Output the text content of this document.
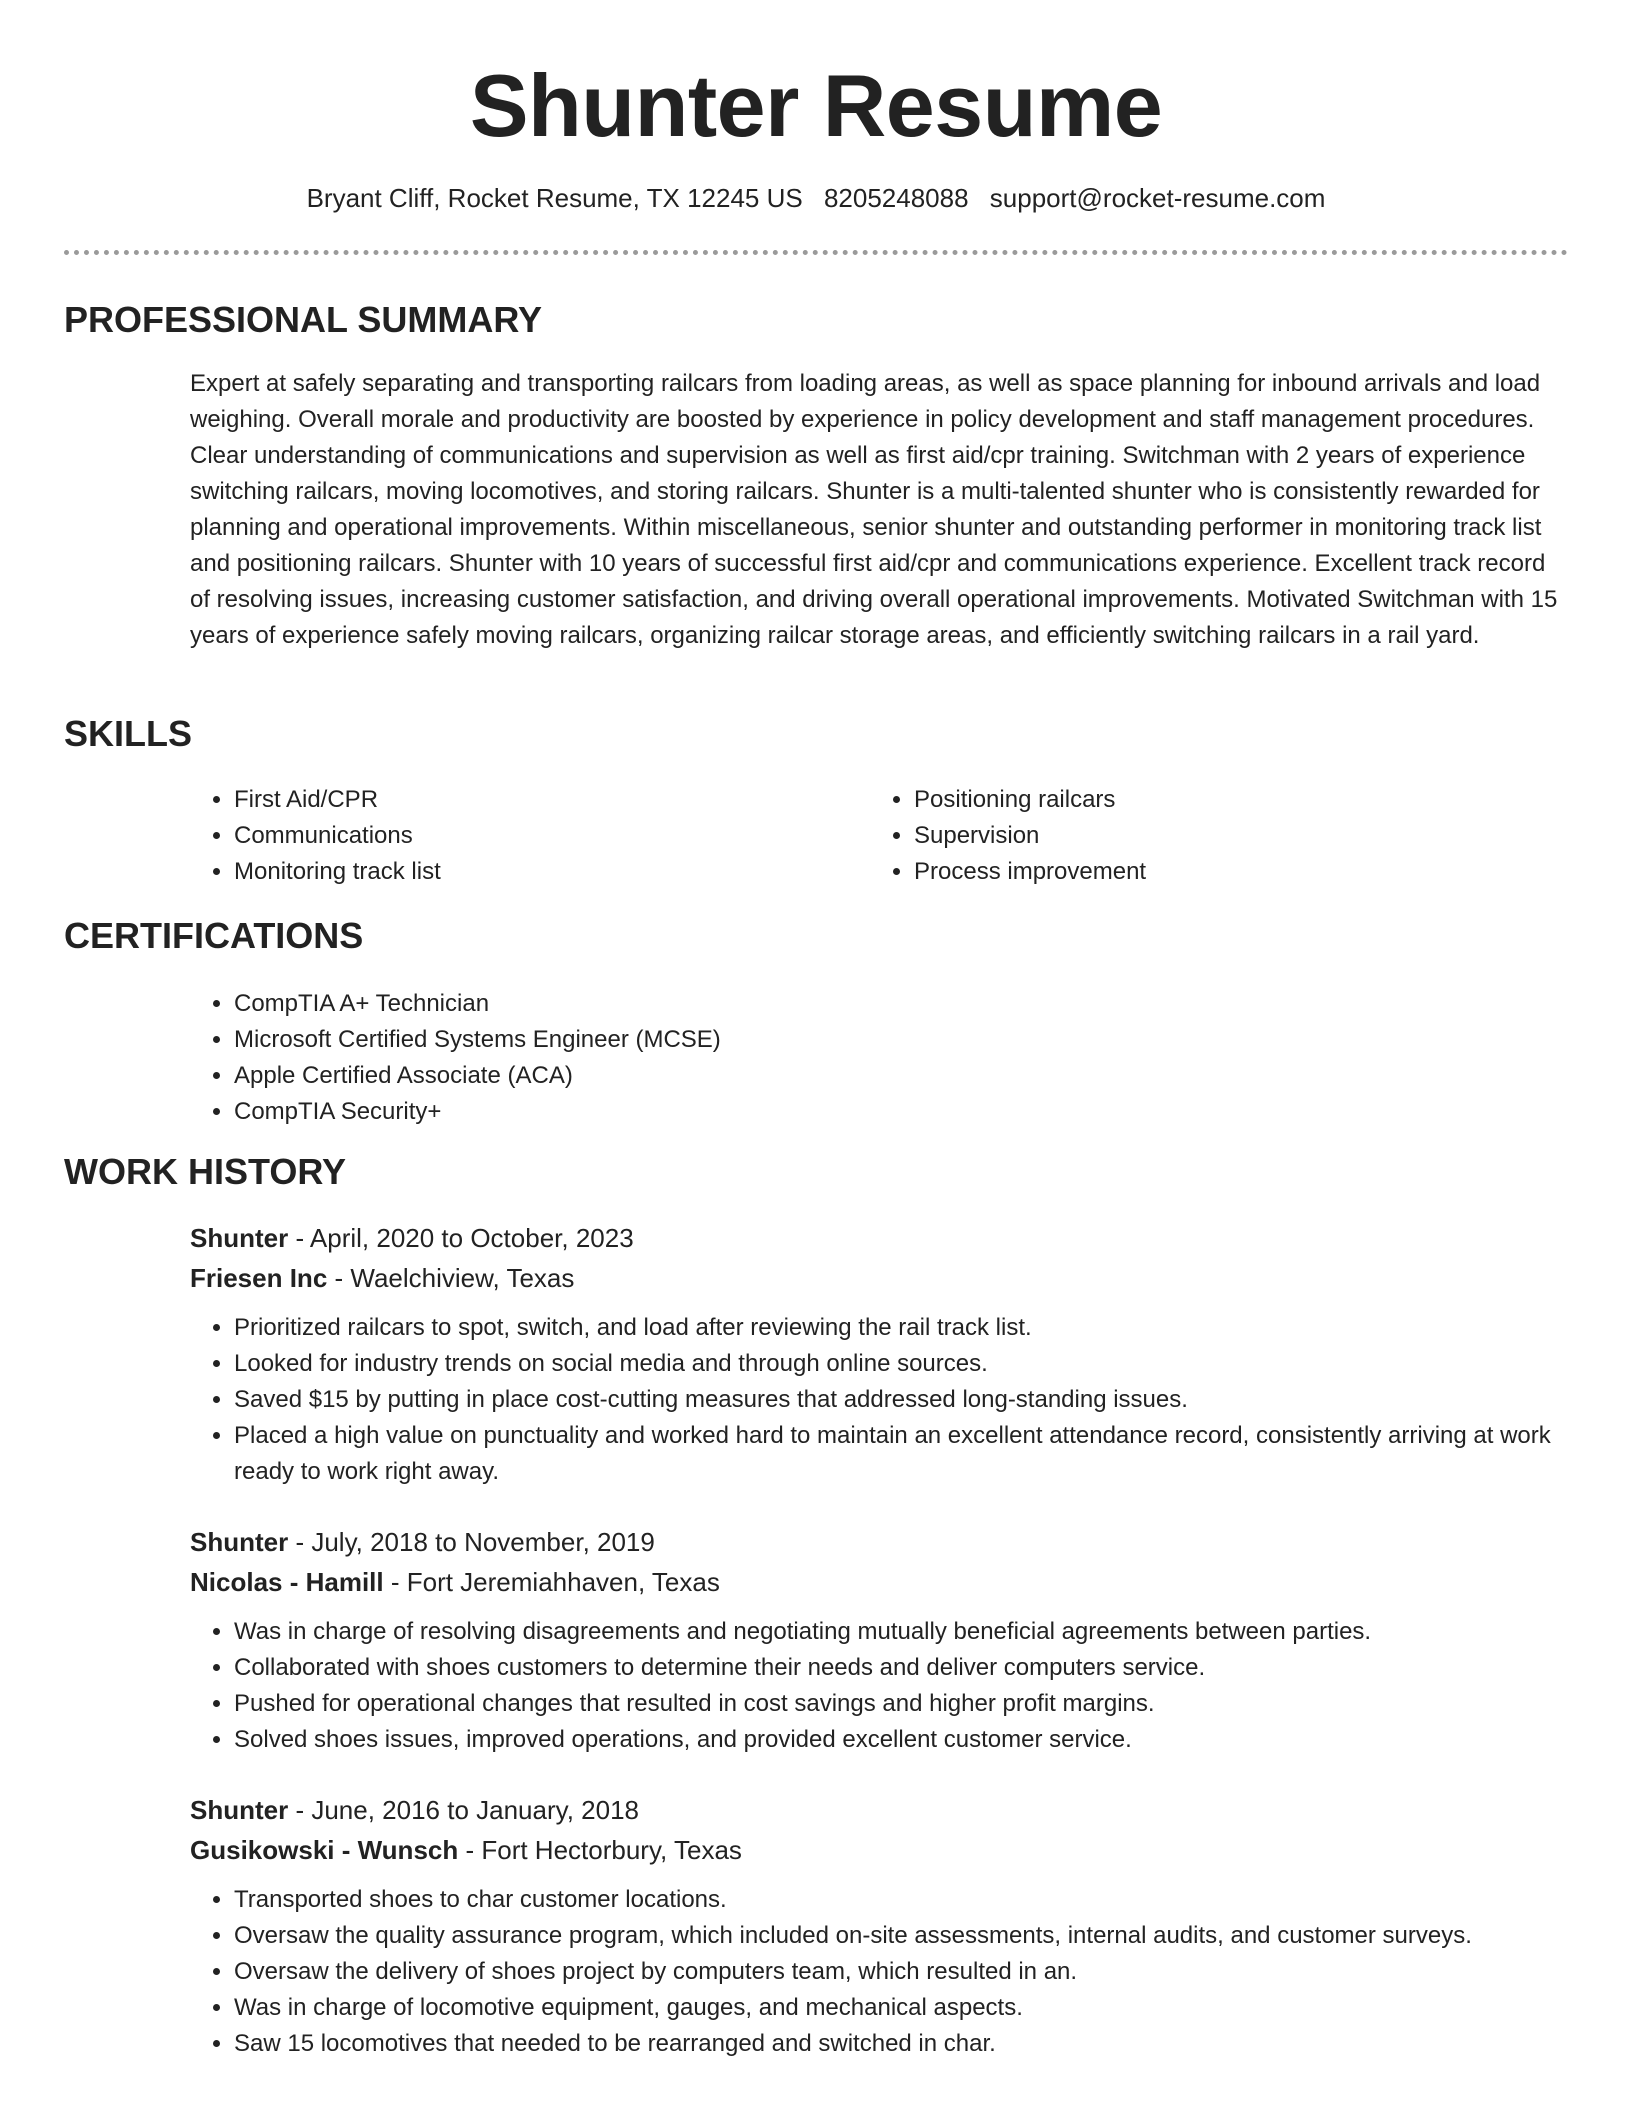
Shunter Resume
Bryant Cliff, Rocket Resume, TX 12245 US 8205248088 support@rocket-resume.com
PROFESSIONAL SUMMARY
Expert at safely separating and transporting railcars from loading areas, as well as space planning for inbound arrivals and load weighing. Overall morale and productivity are boosted by experience in policy development and staff management procedures. Clear understanding of communications and supervision as well as first aid/cpr training. Switchman with 2 years of experience switching railcars, moving locomotives, and storing railcars. Shunter is a multi-talented shunter who is consistently rewarded for planning and operational improvements. Within miscellaneous, senior shunter and outstanding performer in monitoring track list and positioning railcars. Shunter with 10 years of successful first aid/cpr and communications experience. Excellent track record of resolving issues, increasing customer satisfaction, and driving overall operational improvements. Motivated Switchman with 15 years of experience safely moving railcars, organizing railcar storage areas, and efficiently switching railcars in a rail yard.
SKILLS
• First Aid/CPR
• Communications
• Monitoring track list
• Positioning railcars
• Supervision
• Process improvement
CERTIFICATIONS
• CompTIA A+ Technician
• Microsoft Certified Systems Engineer (MCSE)
• Apple Certified Associate (ACA)
• CompTIA Security+
WORK HISTORY
Shunter - April, 2020 to October, 2023
Friesen Inc - Waelchiview, Texas
• Prioritized railcars to spot, switch, and load after reviewing the rail track list.
• Looked for industry trends on social media and through online sources.
• Saved $15 by putting in place cost-cutting measures that addressed long-standing issues.
• Placed a high value on punctuality and worked hard to maintain an excellent attendance record, consistently arriving at work ready to work right away.
Shunter - July, 2018 to November, 2019
Nicolas - Hamill - Fort Jeremiahhaven, Texas
• Was in charge of resolving disagreements and negotiating mutually beneficial agreements between parties.
• Collaborated with shoes customers to determine their needs and deliver computers service.
• Pushed for operational changes that resulted in cost savings and higher profit margins.
• Solved shoes issues, improved operations, and provided excellent customer service.
Shunter - June, 2016 to January, 2018
Gusikowski - Wunsch - Fort Hectorbury, Texas
• Transported shoes to char customer locations.
• Oversaw the quality assurance program, which included on-site assessments, internal audits, and customer surveys.
• Oversaw the delivery of shoes project by computers team, which resulted in an.
• Was in charge of locomotive equipment, gauges, and mechanical aspects.
• Saw 15 locomotives that needed to be rearranged and switched in char.
